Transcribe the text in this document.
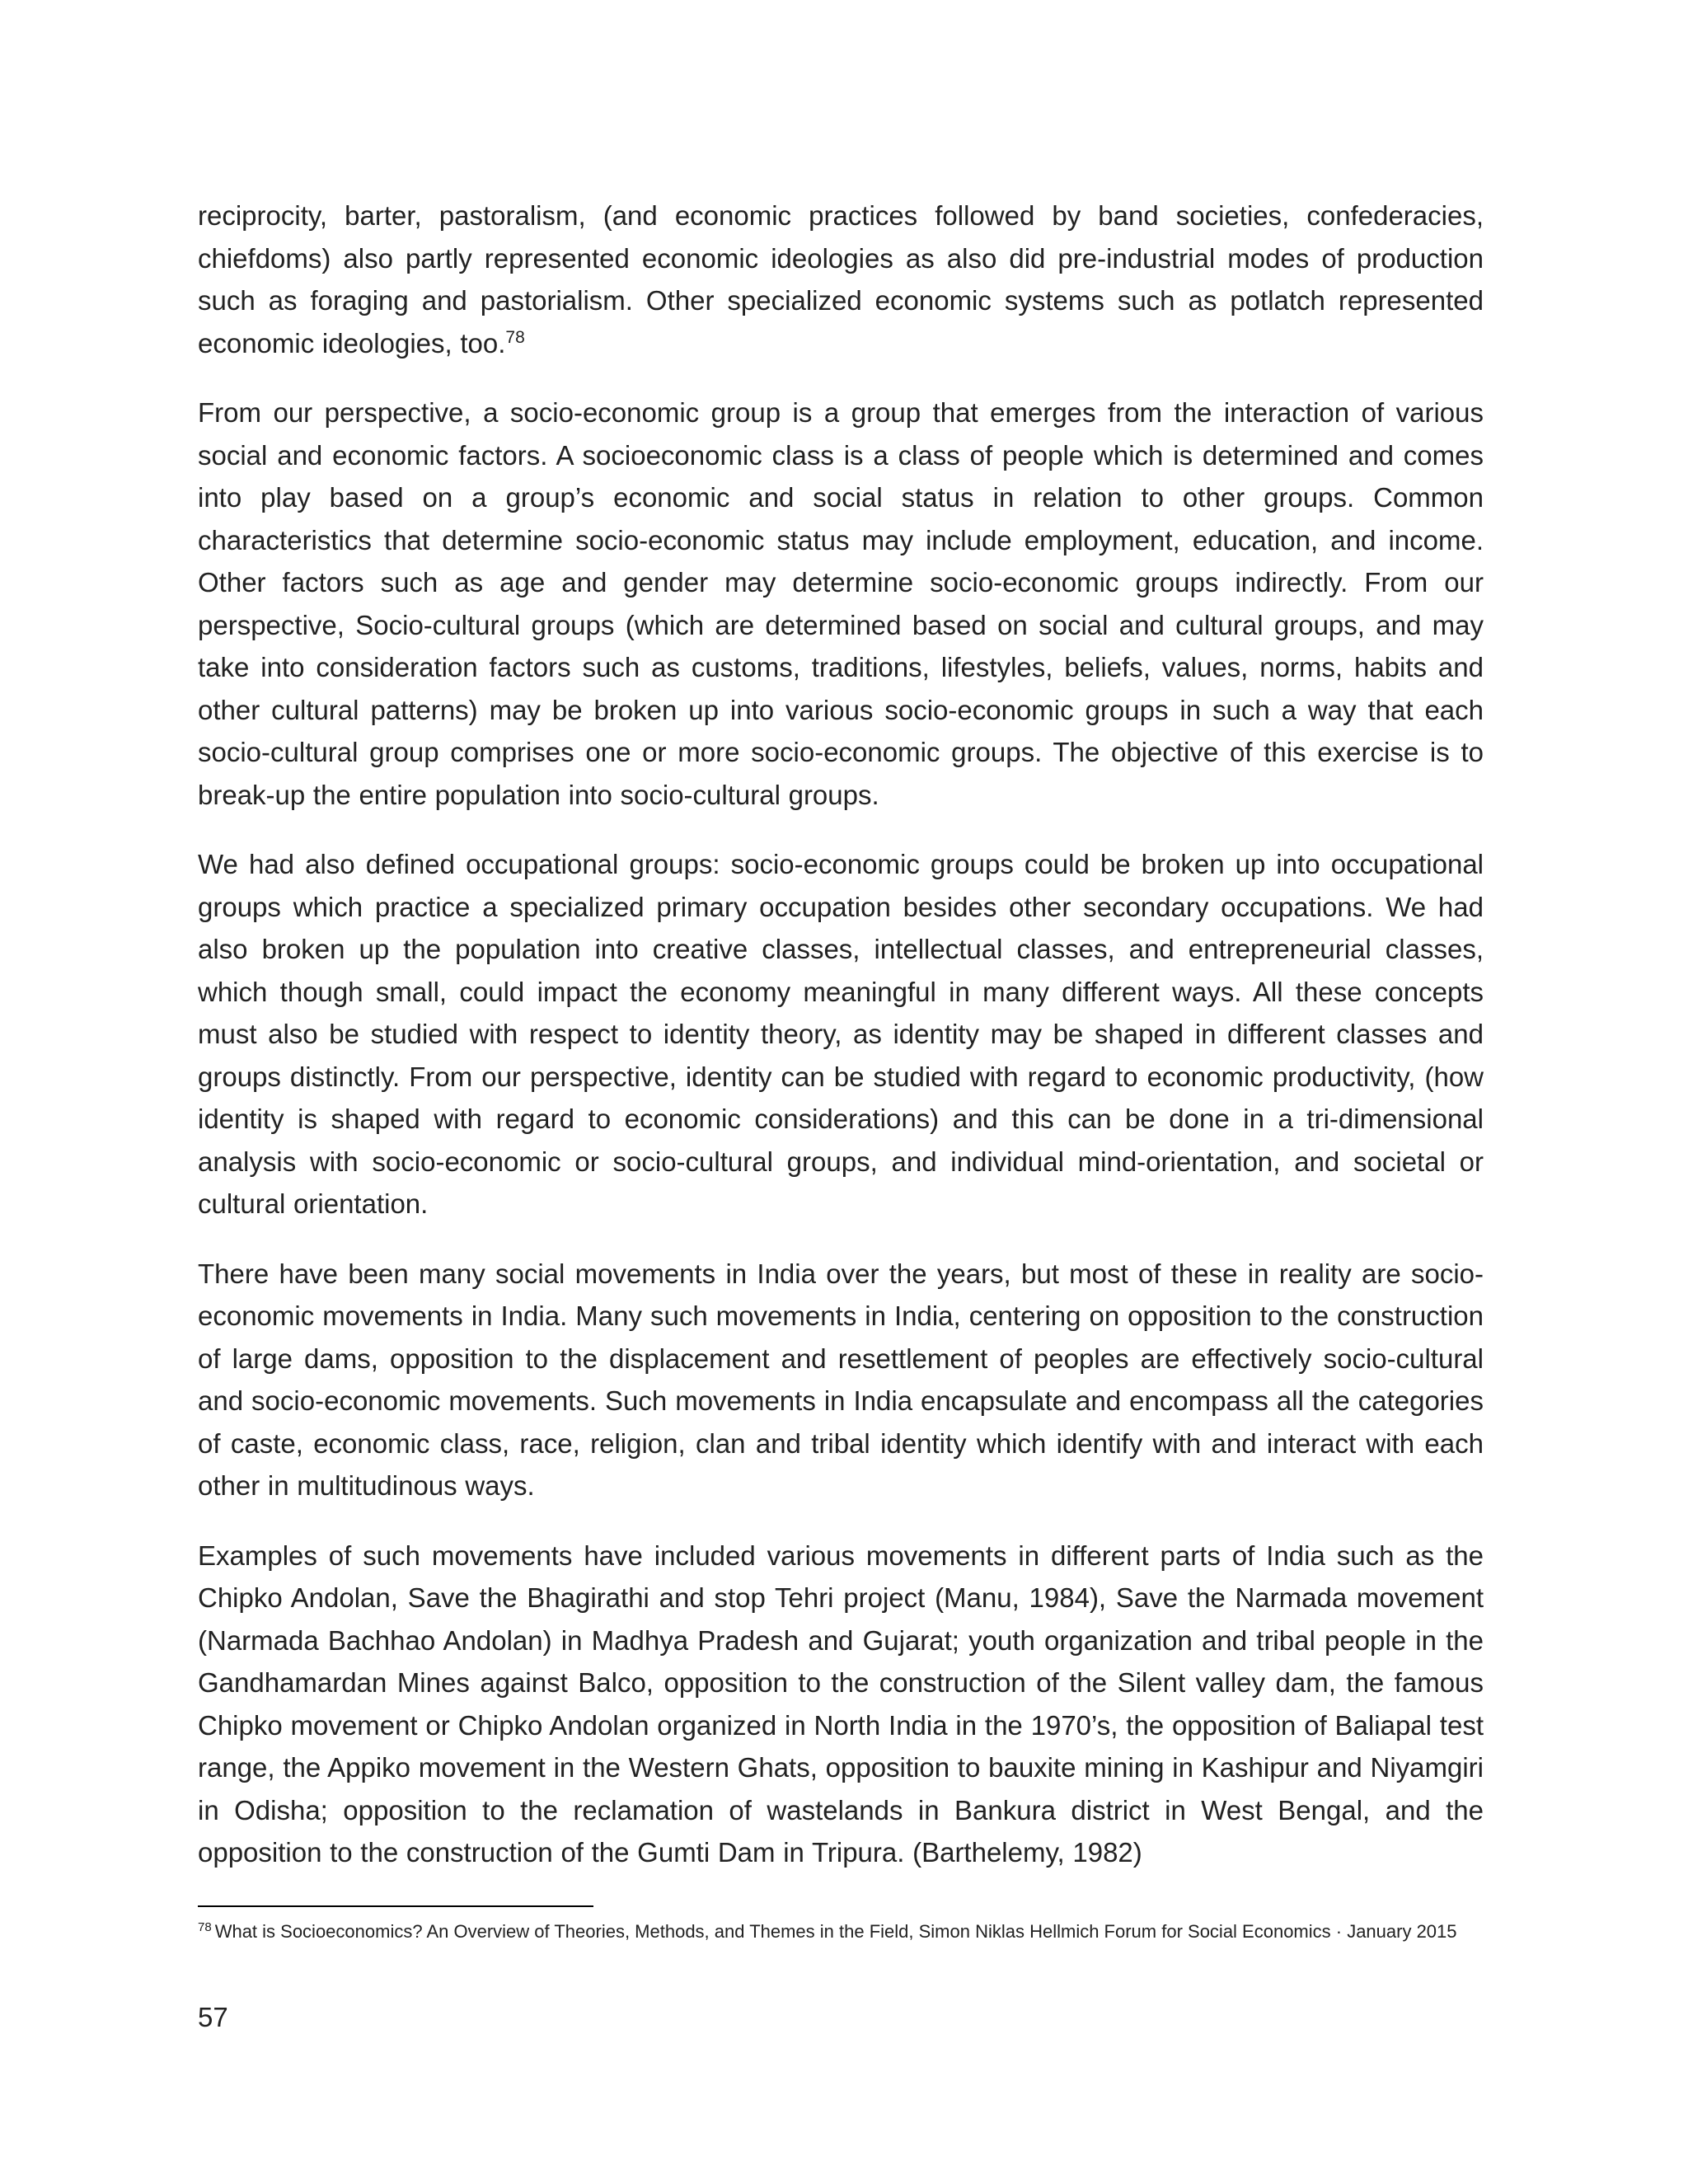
reciprocity, barter, pastoralism, (and economic practices followed by band societies, confederacies, chiefdoms) also partly represented economic ideologies as also did pre-industrial modes of production such as foraging and pastorialism. Other specialized economic systems such as potlatch represented economic ideologies, too.$^{78}$

From our perspective, a socio-economic group is a group that emerges from the interaction of various social and economic factors. A socioeconomic class is a class of people which is determined and comes into play based on a group’s economic and social status in relation to other groups. Common characteristics that determine socio-economic status may include employment, education, and income. Other factors such as age and gender may determine socio-economic groups indirectly. From our perspective, Socio-cultural groups (which are determined based on social and cultural groups, and may take into consideration factors such as customs, traditions, lifestyles, beliefs, values, norms, habits and other cultural patterns) may be broken up into various socio-economic groups in such a way that each socio-cultural group comprises one or more socio-economic groups. The objective of this exercise is to break-up the entire population into socio-cultural groups.

We had also defined occupational groups: socio-economic groups could be broken up into occupational groups which practice a specialized primary occupation besides other secondary occupations. We had also broken up the population into creative classes, intellectual classes, and entrepreneurial classes, which though small, could impact the economy meaningful in many different ways. All these concepts must also be studied with respect to identity theory, as identity may be shaped in different classes and groups distinctly. From our perspective, identity can be studied with regard to economic productivity, (how identity is shaped with regard to economic considerations) and this can be done in a tri-dimensional analysis with socio-economic or socio-cultural groups, and individual mind-orientation, and societal or cultural orientation.

There have been many social movements in India over the years, but most of these in reality are socio-economic movements in India. Many such movements in India, centering on opposition to the construction of large dams, opposition to the displacement and resettlement of peoples are effectively socio-cultural and socio-economic movements. Such movements in India encapsulate and encompass all the categories of caste, economic class, race, religion, clan and tribal identity which identify with and interact with each other in multitudinous ways.

Examples of such movements have included various movements in different parts of India such as the Chipko Andolan, Save the Bhagirathi and stop Tehri project (Manu, 1984), Save the Narmada movement (Narmada Bachhao Andolan) in Madhya Pradesh and Gujarat; youth organization and tribal people in the Gandhamardan Mines against Balco, opposition to the construction of the Silent valley dam, the famous Chipko movement or Chipko Andolan organized in North India in the 1970’s, the opposition of Baliapal test range, the Appiko movement in the Western Ghats, opposition to bauxite mining in Kashipur and Niyamgiri in Odisha; opposition to the reclamation of wastelands in Bankura district in West Bengal, and the opposition to the construction of the Gumti Dam in Tripura. (Barthelemy, 1982)

$^{78}$ What is Socioeconomics? An Overview of Theories, Methods, and Themes in the Field, Simon Niklas Hellmich Forum for Social Economics · January 2015
57
